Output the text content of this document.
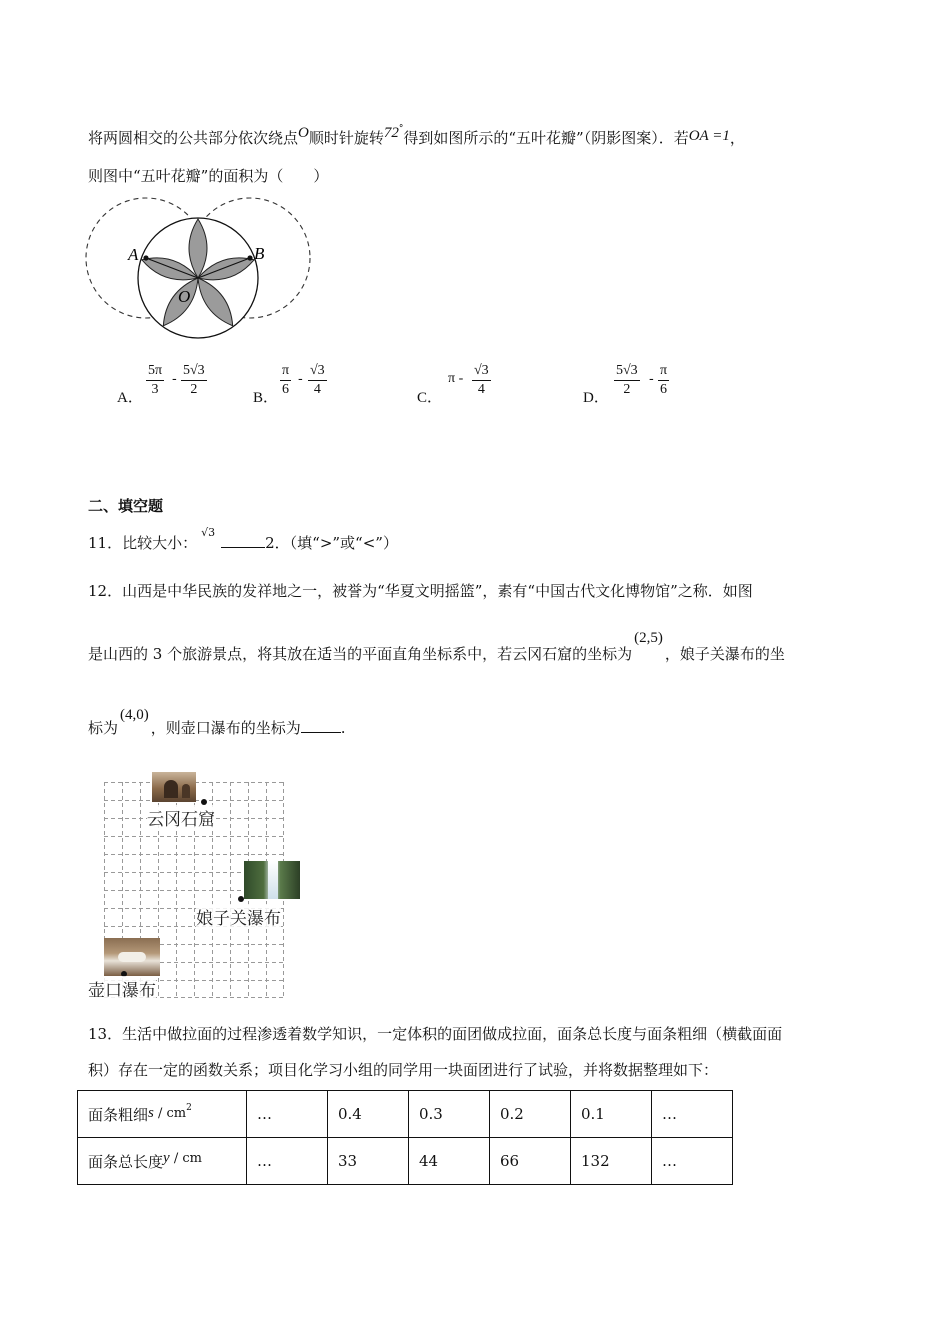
将两圆相交的公共部分依次绕点O顺时针旋转72°得到如图所示的“五叶花瓣”（阴影图案）．若OA =1，
则图中“五叶花瓣”的面积为（　　）
A	B
O
A． $\frac{5\pi}{3} - \frac{5√3}{2}$	B． $\frac{\pi}{6} - \frac{√3}{4}$	C．
π - $\frac{√3}{4}$	D． $\frac{5√3}{2} - \frac{\pi}{6}$
二、填空题
11．比较大小：$^{√3}$2．（填“>”或“<”）
12．山西是中华民族的发祥地之一，被誉为“华夏文明摇篮”，素有“中国古代文化博物馆”之称．如图
是山西的 3 个旅游景点，将其放在适当的平面直角坐标系中，若云冈石窟的坐标为(2,5)，娘子关瀑布的坐
标为(4,0)，则壶口瀑布的坐标为	.
云冈石窟
娘子关瀑布
壶口瀑布
13．生活中做拉面的过程渗透着数学知识，一定体积的面团做成拉面，面条总长度与面条粗细（横截面面
积）存在一定的函数关系；项目化学习小组的同学用一块面团进行了试验，并将数据整理如下：
面条粗细s / $cm^2$	…	0.4	0.3	0.2	0.1	…
面条总长度y / cm	…	33	44	66	132	…
